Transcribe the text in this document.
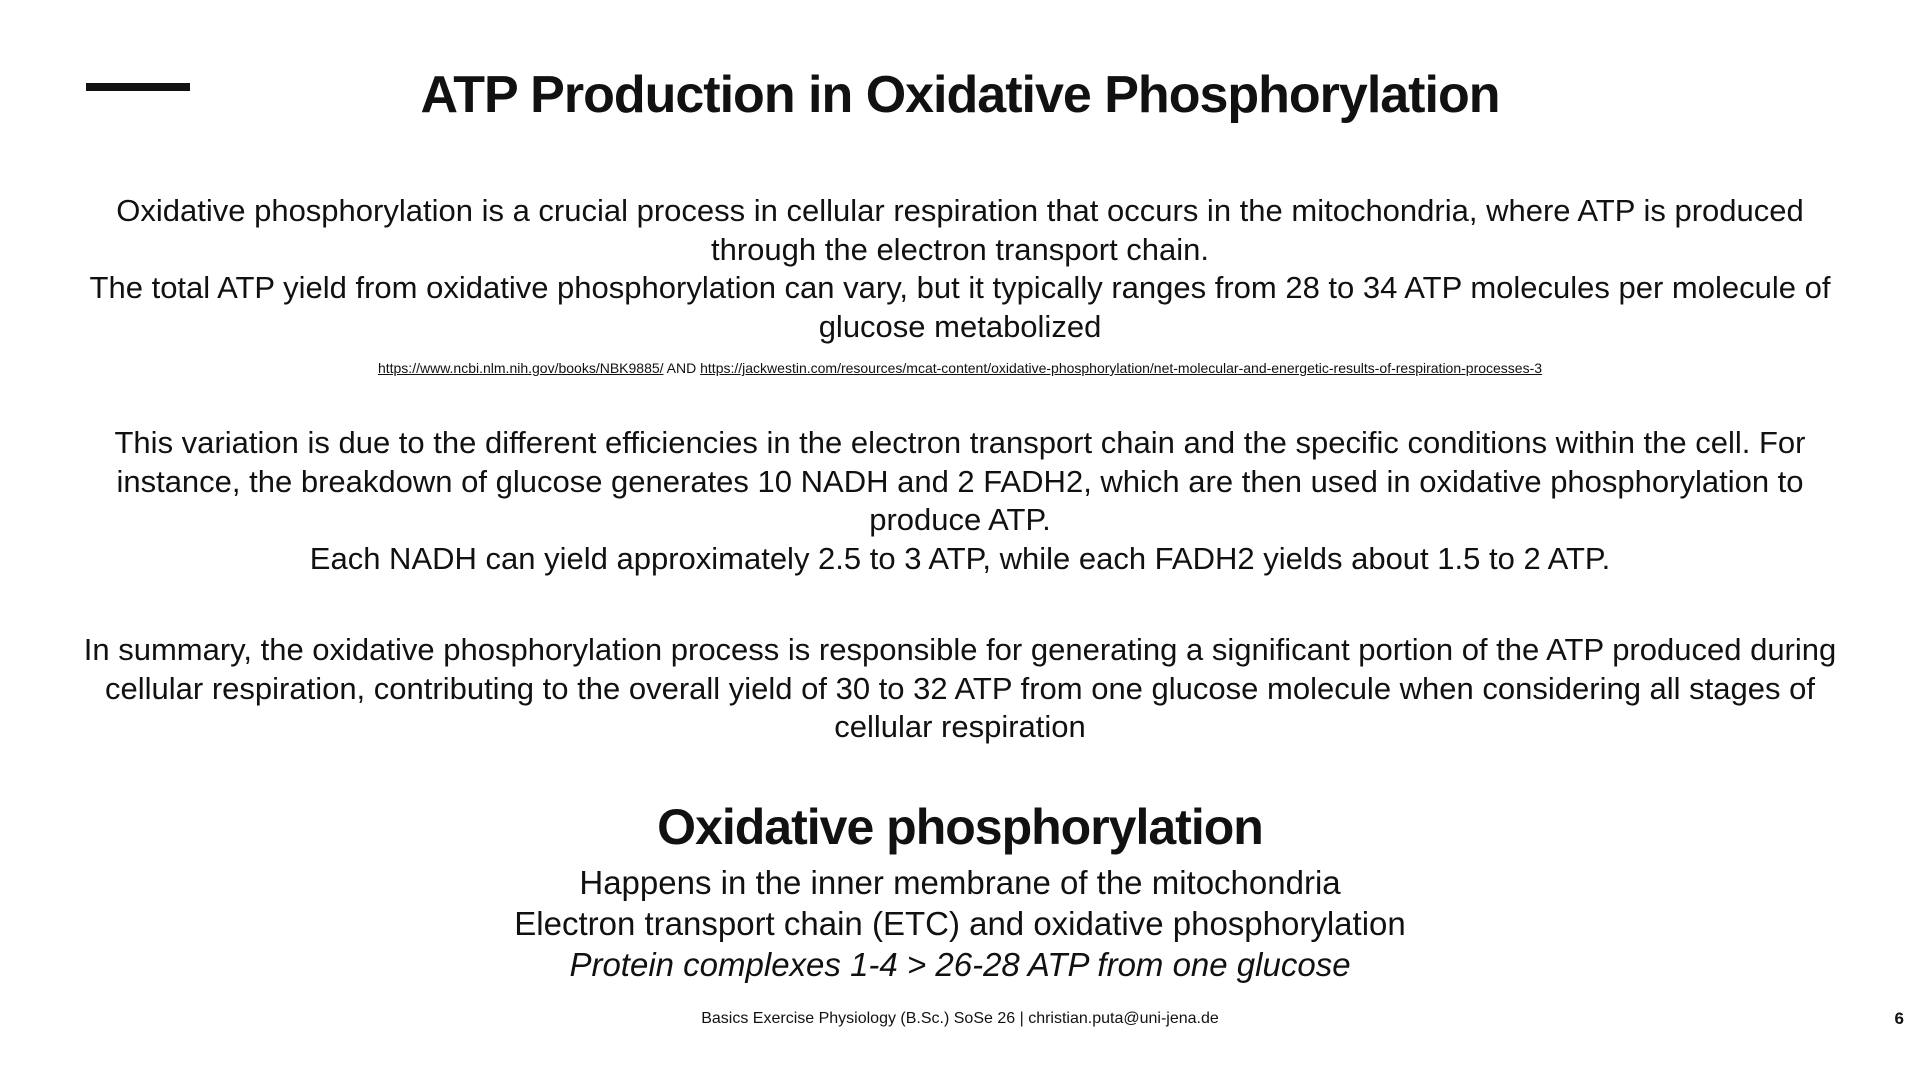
ATP Production in Oxidative Phosphorylation

Oxidative phosphorylation is a crucial process in cellular respiration that occurs in the mitochondria, where ATP is produced through the electron transport chain.

The total ATP yield from oxidative phosphorylation can vary, but it typically ranges from 28 to 34 ATP molecules per molecule of glucose metabolized

https://www.ncbi.nlm.nih.gov/books/NBK9885/ AND https://jackwestin.com/resources/mcat-content/oxidative-phosphorylation/net-molecular-and-energetic-results-of-respiration-processes-3

This variation is due to the different efficiencies in the electron transport chain and the specific conditions within the cell. For instance, the breakdown of glucose generates 10 NADH and 2 FADH2, which are then used in oxidative phosphorylation to produce ATP.

Each NADH can yield approximately 2.5 to 3 ATP, while each FADH2 yields about 1.5 to 2 ATP.

In summary, the oxidative phosphorylation process is responsible for generating a significant portion of the ATP produced during cellular respiration, contributing to the overall yield of 30 to 32 ATP from one glucose molecule when considering all stages of cellular respiration

Oxidative phosphorylation

Happens in the inner membrane of the mitochondria

Electron transport chain (ETC) and oxidative phosphorylation

Protein complexes 1-4 > 26-28 ATP from one glucose

Basics Exercise Physiology (B.Sc.) SoSe 26 | christian.puta@uni-jena.de	6
